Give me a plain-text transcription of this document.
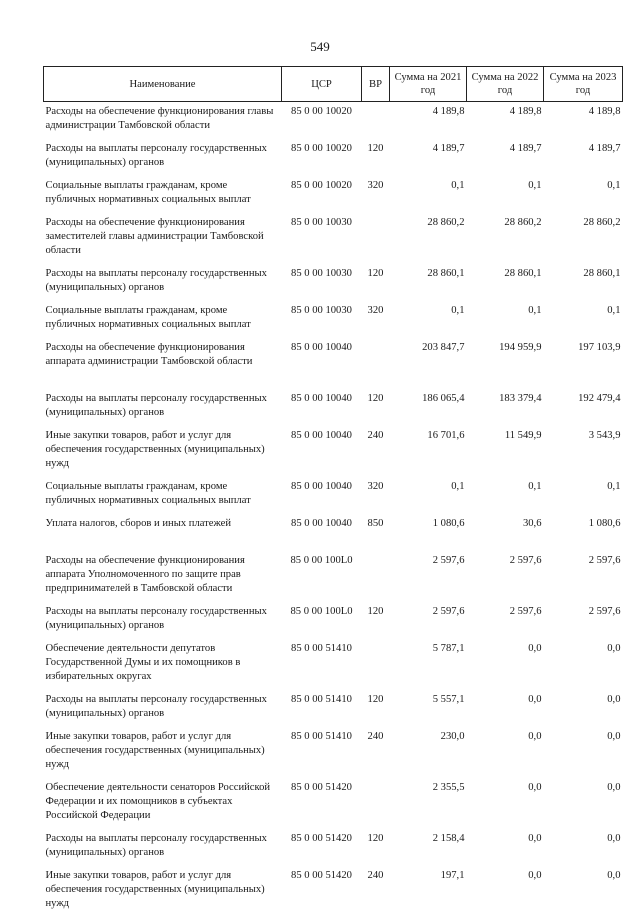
549
Наименование	ЦСР	ВР	Сумма на 2021 год	Сумма на 2022 год	Сумма на 2023 год
Расходы на обеспечение функционирования главы администрации Тамбовской области	85 0 00 10020		4 189,8	4 189,8	4 189,8
Расходы на выплаты персоналу государственных (муниципальных) органов	85 0 00 10020	120	4 189,7	4 189,7	4 189,7
Социальные выплаты гражданам, кроме публичных нормативных социальных выплат	85 0 00 10020	320	0,1	0,1	0,1
Расходы на обеспечение функционирования заместителей главы администрации Тамбовской области	85 0 00 10030		28 860,2	28 860,2	28 860,2
Расходы на выплаты персоналу государственных (муниципальных) органов	85 0 00 10030	120	28 860,1	28 860,1	28 860,1
Социальные выплаты гражданам, кроме публичных нормативных социальных выплат	85 0 00 10030	320	0,1	0,1	0,1
Расходы на обеспечение функционирования аппарата администрации Тамбовской области	85 0 00 10040		203 847,7	194 959,9	197 103,9
Расходы на выплаты персоналу государственных (муниципальных) органов	85 0 00 10040	120	186 065,4	183 379,4	192 479,4
Иные закупки товаров, работ и услуг для обеспечения государственных (муниципальных) нужд	85 0 00 10040	240	16 701,6	11 549,9	3 543,9
Социальные выплаты гражданам, кроме публичных нормативных социальных выплат	85 0 00 10040	320	0,1	0,1	0,1
Уплата налогов, сборов и иных платежей	85 0 00 10040	850	1 080,6	30,6	1 080,6
Расходы на обеспечение функционирования аппарата Уполномоченного по защите прав предпринимателей в Тамбовской области	85 0 00 100L0		2 597,6	2 597,6	2 597,6
Расходы на выплаты персоналу государственных (муниципальных) органов	85 0 00 100L0	120	2 597,6	2 597,6	2 597,6
Обеспечение деятельности депутатов Государственной Думы и их помощников в избирательных округах	85 0 00 51410		5 787,1	0,0	0,0
Расходы на выплаты персоналу государственных (муниципальных) органов	85 0 00 51410	120	5 557,1	0,0	0,0
Иные закупки товаров, работ и услуг для обеспечения государственных (муниципальных) нужд	85 0 00 51410	240	230,0	0,0	0,0
Обеспечение деятельности сенаторов Российской Федерации и их помощников в субъектах Российской Федерации	85 0 00 51420		2 355,5	0,0	0,0
Расходы на выплаты персоналу государственных (муниципальных) органов	85 0 00 51420	120	2 158,4	0,0	0,0
Иные закупки товаров, работ и услуг для обеспечения государственных (муниципальных) нужд	85 0 00 51420	240	197,1	0,0	0,0
